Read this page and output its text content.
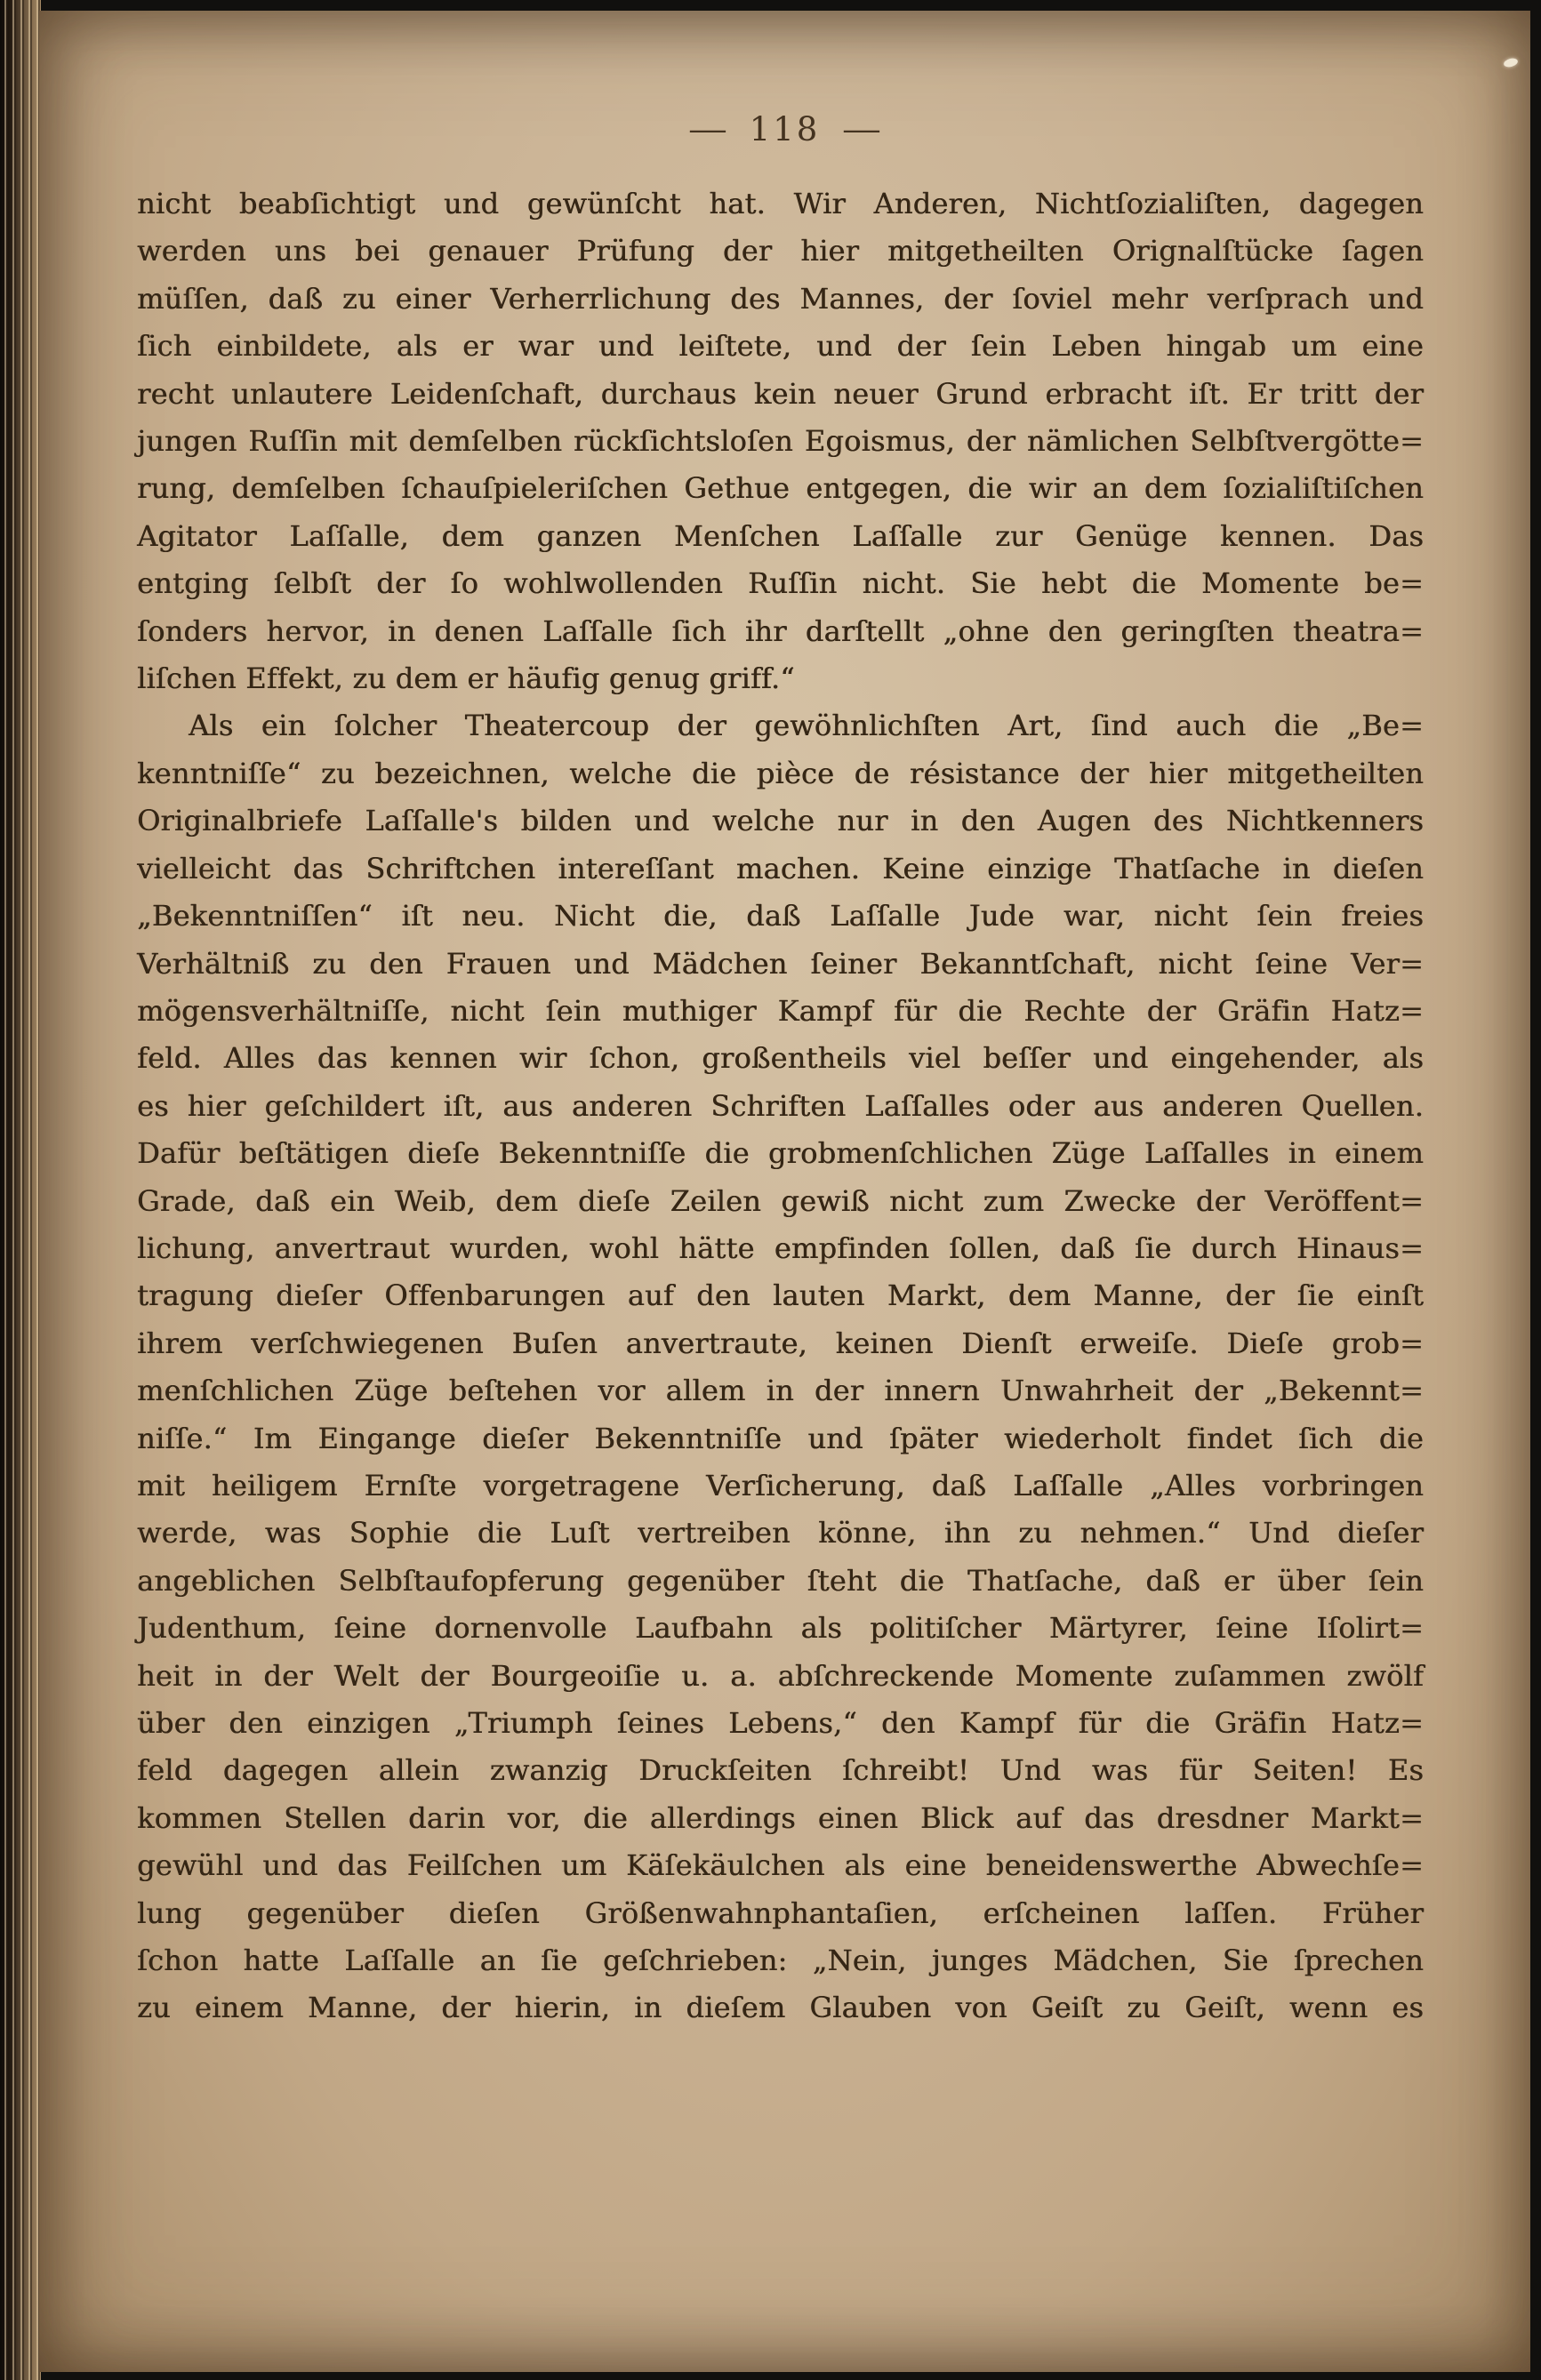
— 118 —
nicht beabſichtigt und gewünſcht hat. Wir Anderen, Nichtſozialiſten, dagegen
werden uns bei genauer Prüfung der hier mitgetheilten Orignalſtücke ſagen
müſſen, daß zu einer Verherrlichung des Mannes, der ſoviel mehr verſprach und
ſich einbildete, als er war und leiſtete, und der ſein Leben hingab um eine
recht unlautere Leidenſchaft, durchaus kein neuer Grund erbracht iſt. Er tritt der
jungen Ruſſin mit demſelben rückſichtsloſen Egoismus, der nämlichen Selbſtvergötte=
rung, demſelben ſchauſpieleriſchen Gethue entgegen, die wir an dem ſozialiſtiſchen
Agitator Laſſalle, dem ganzen Menſchen Laſſalle zur Genüge kennen. Das
entging ſelbſt der ſo wohlwollenden Ruſſin nicht. Sie hebt die Momente be=
ſonders hervor, in denen Laſſalle ſich ihr darſtellt „ohne den geringſten theatra=
liſchen Effekt, zu dem er häufig genug griff.“
Als ein ſolcher Theatercoup der gewöhnlichſten Art, ſind auch die „Be=
kenntniſſe“ zu bezeichnen, welche die pièce de résistance der hier mitgetheilten
Originalbriefe Laſſalle's bilden und welche nur in den Augen des Nichtkenners
vielleicht das Schriftchen intereſſant machen. Keine einzige Thatſache in dieſen
„Bekenntniſſen“ iſt neu. Nicht die, daß Laſſalle Jude war, nicht ſein freies
Verhältniß zu den Frauen und Mädchen ſeiner Bekanntſchaft, nicht ſeine Ver=
mögensverhältniſſe, nicht ſein muthiger Kampf für die Rechte der Gräfin Hatz=
feld. Alles das kennen wir ſchon, großentheils viel beſſer und eingehender, als
es hier geſchildert iſt, aus anderen Schriften Laſſalles oder aus anderen Quellen.
Dafür beſtätigen dieſe Bekenntniſſe die grobmenſchlichen Züge Laſſalles in einem
Grade, daß ein Weib, dem dieſe Zeilen gewiß nicht zum Zwecke der Veröffent=
lichung, anvertraut wurden, wohl hätte empfinden ſollen, daß ſie durch Hinaus=
tragung dieſer Offenbarungen auf den lauten Markt, dem Manne, der ſie einſt
ihrem verſchwiegenen Buſen anvertraute, keinen Dienſt erweiſe. Dieſe grob=
menſchlichen Züge beſtehen vor allem in der innern Unwahrheit der „Bekennt=
niſſe.“ Im Eingange dieſer Bekenntniſſe und ſpäter wiederholt findet ſich die
mit heiligem Ernſte vorgetragene Verſicherung, daß Laſſalle „Alles vorbringen
werde, was Sophie die Luſt vertreiben könne, ihn zu nehmen.“ Und dieſer
angeblichen Selbſtaufopferung gegenüber ſteht die Thatſache, daß er über ſein
Judenthum, ſeine dornenvolle Laufbahn als politiſcher Märtyrer, ſeine Iſolirt=
heit in der Welt der Bourgeoiſie u. a. abſchreckende Momente zuſammen zwölf
über den einzigen „Triumph ſeines Lebens,“ den Kampf für die Gräfin Hatz=
feld dagegen allein zwanzig Druckſeiten ſchreibt! Und was für Seiten! Es
kommen Stellen darin vor, die allerdings einen Blick auf das dresdner Markt=
gewühl und das Feilſchen um Käſekäulchen als eine beneidenswerthe Abwechſe=
lung gegenüber dieſen Größenwahnphantaſien, erſcheinen laſſen. Früher
ſchon hatte Laſſalle an ſie geſchrieben: „Nein, junges Mädchen, Sie ſprechen
zu einem Manne, der hierin, in dieſem Glauben von Geiſt zu Geiſt, wenn es
